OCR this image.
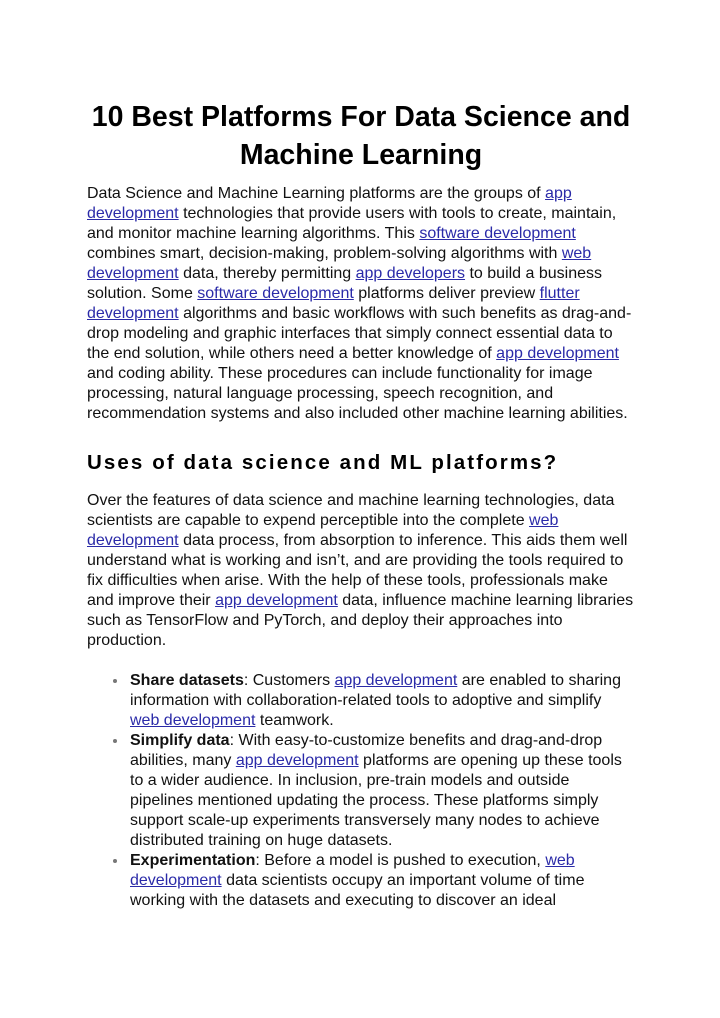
10 Best Platforms For Data Science and Machine Learning

Data Science and Machine Learning platforms are the groups of app development technologies that provide users with tools to create, maintain, and monitor machine learning algorithms. This software development combines smart, decision-making, problem-solving algorithms with web development data, thereby permitting app developers to build a business solution. Some software development platforms deliver preview flutter development algorithms and basic workflows with such benefits as drag-and-drop modeling and graphic interfaces that simply connect essential data to the end solution, while others need a better knowledge of app development and coding ability. These procedures can include functionality for image processing, natural language processing, speech recognition, and recommendation systems and also included other machine learning abilities.

Uses of data science and ML platforms?

Over the features of data science and machine learning technologies, data scientists are capable to expend perceptible into the complete web development data process, from absorption to inference. This aids them well understand what is working and isn’t, and are providing the tools required to fix difficulties when arise. With the help of these tools, professionals make and improve their app development data, influence machine learning libraries such as TensorFlow and PyTorch, and deploy their approaches into production.

Share datasets: Customers app development are enabled to sharing information with collaboration-related tools to adoptive and simplify web development teamwork.
Simplify data: With easy-to-customize benefits and drag-and-drop abilities, many app development platforms are opening up these tools to a wider audience. In inclusion, pre-train models and outside pipelines mentioned updating the process. These platforms simply support scale-up experiments transversely many nodes to achieve distributed training on huge datasets.
Experimentation: Before a model is pushed to execution, web development data scientists occupy an important volume of time working with the datasets and executing to discover an ideal
